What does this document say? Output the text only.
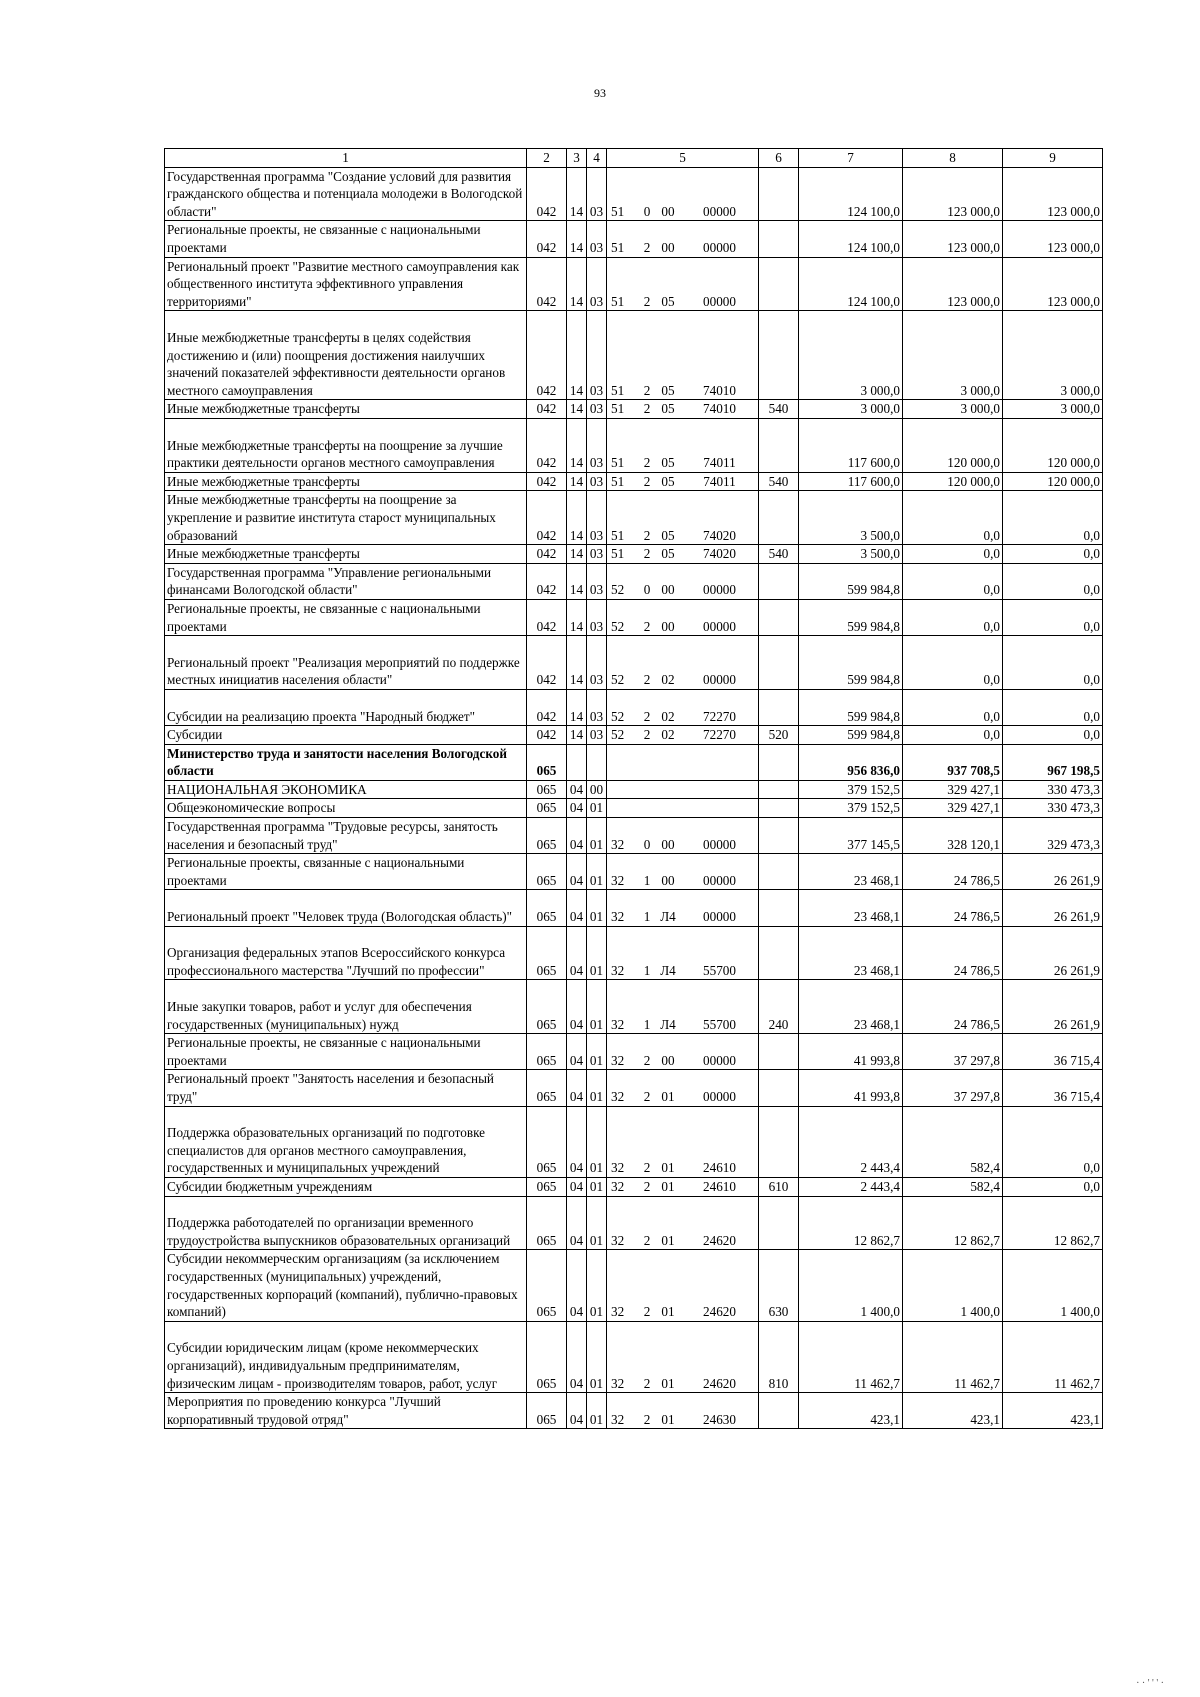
93
1	2	3	4	5	6	7	8	9
Государственная программа "Создание условий для развития гражданского общества и потенциала молодежи в Вологодской области"	042	14	03	51 0 00 00000		124 100,0	123 000,0	123 000,0
Региональные проекты, не связанные с национальными проектами	042	14	03	51 2 00 00000		124 100,0	123 000,0	123 000,0
Региональный проект "Развитие местного самоуправления как общественного института эффективного управления территориями"	042	14	03	51 2 05 00000		124 100,0	123 000,0	123 000,0
Иные межбюджетные трансферты в целях содействия достижению и (или) поощрения достижения наилучших значений показателей эффективности деятельности органов местного самоуправления	042	14	03	51 2 05 74010		3 000,0	3 000,0	3 000,0
Иные межбюджетные трансферты	042	14	03	51 2 05 74010	540	3 000,0	3 000,0	3 000,0
Иные межбюджетные трансферты на поощрение за лучшие практики деятельности органов местного самоуправления	042	14	03	51 2 05 74011		117 600,0	120 000,0	120 000,0
Иные межбюджетные трансферты	042	14	03	51 2 05 74011	540	117 600,0	120 000,0	120 000,0
Иные межбюджетные трансферты на поощрение за укрепление и развитие института старост муниципальных образований	042	14	03	51 2 05 74020		3 500,0	0,0	0,0
Иные межбюджетные трансферты	042	14	03	51 2 05 74020	540	3 500,0	0,0	0,0
Государственная программа "Управление региональными финансами Вологодской области"	042	14	03	52 0 00 00000		599 984,8	0,0	0,0
Региональные проекты, не связанные с национальными проектами	042	14	03	52 2 00 00000		599 984,8	0,0	0,0
Региональный проект "Реализация мероприятий по поддержке местных инициатив населения области"	042	14	03	52 2 02 00000		599 984,8	0,0	0,0
Субсидии на реализацию проекта "Народный бюджет"	042	14	03	52 2 02 72270		599 984,8	0,0	0,0
Субсидии	042	14	03	52 2 02 72270	520	599 984,8	0,0	0,0
Министерство труда и занятости населения Вологодской области	065					956 836,0	937 708,5	967 198,5
НАЦИОНАЛЬНАЯ ЭКОНОМИКА	065	04	00			379 152,5	329 427,1	330 473,3
Общеэкономические вопросы	065	04	01			379 152,5	329 427,1	330 473,3
Государственная программа "Трудовые ресурсы, занятость населения и безопасный труд"	065	04	01	32 0 00 00000		377 145,5	328 120,1	329 473,3
Региональные проекты, связанные с национальными проектами	065	04	01	32 1 00 00000		23 468,1	24 786,5	26 261,9
Региональный проект "Человек труда (Вологодская область)"	065	04	01	32 1 Л4 00000		23 468,1	24 786,5	26 261,9
Организация федеральных этапов Всероссийского конкурса профессионального мастерства "Лучший по профессии"	065	04	01	32 1 Л4 55700		23 468,1	24 786,5	26 261,9
Иные закупки товаров, работ и услуг для обеспечения государственных (муниципальных) нужд	065	04	01	32 1 Л4 55700	240	23 468,1	24 786,5	26 261,9
Региональные проекты, не связанные с национальными проектами	065	04	01	32 2 00 00000		41 993,8	37 297,8	36 715,4
Региональный проект "Занятость населения и безопасный труд"	065	04	01	32 2 01 00000		41 993,8	37 297,8	36 715,4
Поддержка образовательных организаций по подготовке специалистов для органов местного самоуправления, государственных и муниципальных учреждений	065	04	01	32 2 01 24610		2 443,4	582,4	0,0
Субсидии бюджетным учреждениям	065	04	01	32 2 01 24610	610	2 443,4	582,4	0,0
Поддержка работодателей по организации временного трудоустройства выпускников образовательных организаций	065	04	01	32 2 01 24620		12 862,7	12 862,7	12 862,7
Субсидии некоммерческим организациям (за исключением государственных (муниципальных) учреждений, государственных корпораций (компаний), публично-правовых компаний)	065	04	01	32 2 01 24620	630	1 400,0	1 400,0	1 400,0
Субсидии юридическим лицам (кроме некоммерческих организаций), индивидуальным предпринимателям, физическим лицам - производителям товаров, работ, услуг	065	04	01	32 2 01 24620	810	11 462,7	11 462,7	11 462,7
Мероприятия по проведению конкурса "Лучший корпоративный трудовой отряд"	065	04	01	32 2 01 24630		423,1	423,1	423,1
· · ' ' ' ·
